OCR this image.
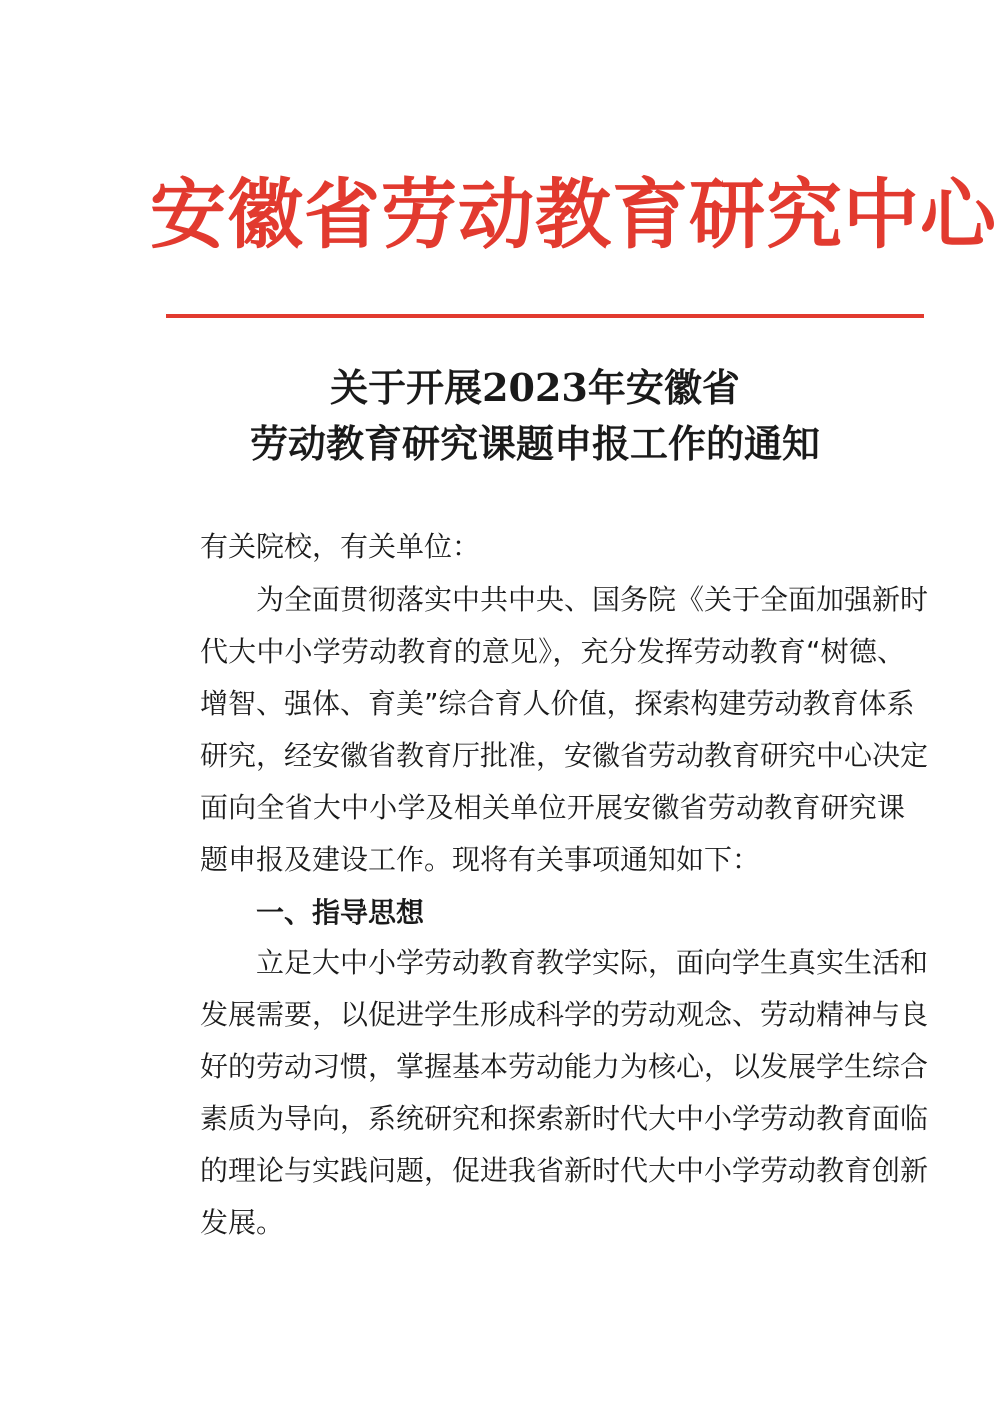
安徽省劳动教育研究中心
关于开展2023年安徽省
劳动教育研究课题申报工作的通知
有关院校，有关单位：
为全面贯彻落实中共中央、国务院《关于全面加强新时
代大中小学劳动教育的意见》，充分发挥劳动教育“树德、
增智、强体、育美”综合育人价值，探索构建劳动教育体系
研究，经安徽省教育厅批准，安徽省劳动教育研究中心决定
面向全省大中小学及相关单位开展安徽省劳动教育研究课
题申报及建设工作。现将有关事项通知如下：
立足大中小学劳动教育教学实际，面向学生真实生活和
发展需要，以促进学生形成科学的劳动观念、劳动精神与良
好的劳动习惯，掌握基本劳动能力为核心，以发展学生综合
素质为导向，系统研究和探索新时代大中小学劳动教育面临
的理论与实践问题，促进我省新时代大中小学劳动教育创新
发展。
一、指导思想
